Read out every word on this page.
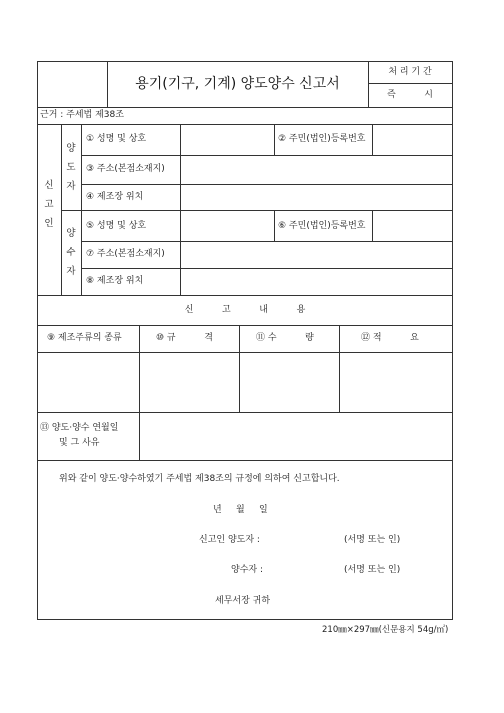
용기(기구, 기계) 양도양수 신고서
처 리 기 간
즉          시
근거 : 주세법 제38조
신
고
인
양
도
자
양
수
자
① 성명 및 상호	② 주민(법인)등록번호
③ 주소(본점소재지)
④ 제조장 위치
⑤ 성명 및 상호	⑥ 주민(법인)등록번호
⑦ 주소(본점소재지)
⑧ 제조장 위치
신          고          내          용
⑨ 제조주류의 종류	⑩ 규          격	⑪ 수          량	⑫ 적          요
⑬ 양도·양수 연월일
및 그 사유
위와 같이 양도·양수하였기 주세법 제38조의 규정에 의하여 신고합니다.
년     월     일
신고인 양도자 :	(서명 또는 인)
양수자 :	(서명 또는 인)
세무서장 귀하
210㎜×297㎜(신문용지 54g/㎡)
